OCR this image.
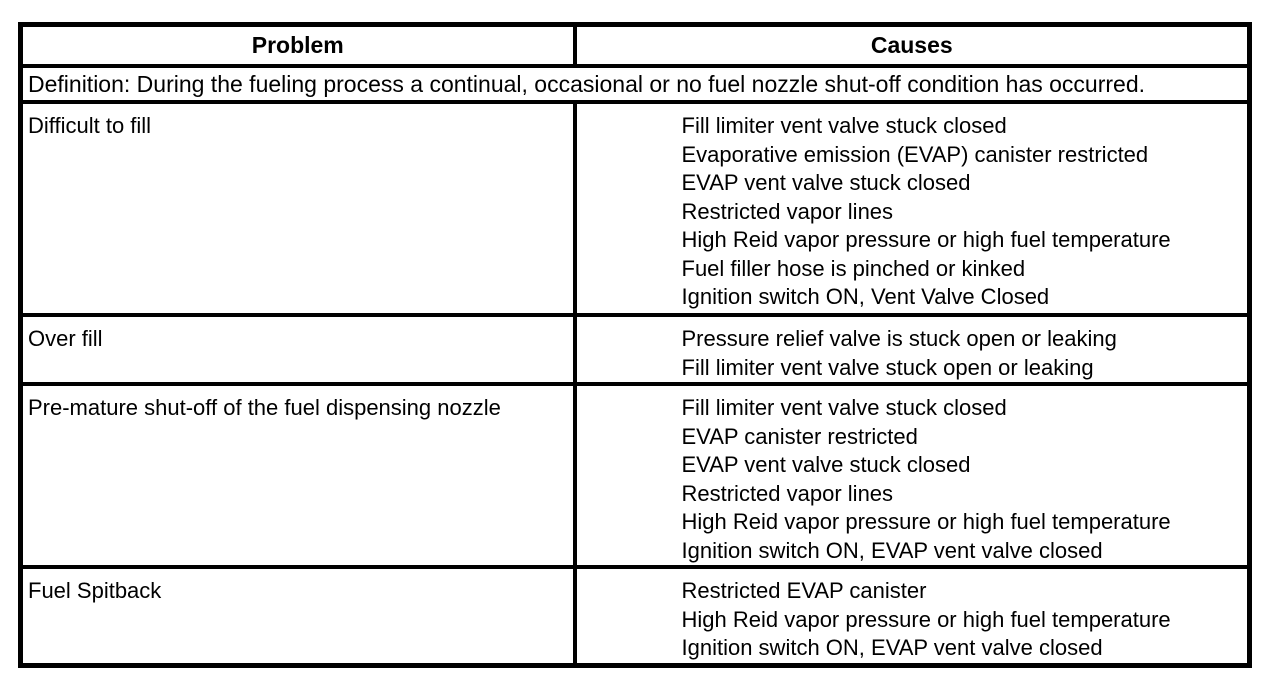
Problem	Causes
Definition: During the fueling process a continual, occasional or no fuel nozzle shut-off condition has occurred.	
Difficult to fill	Fill limiter vent valve stuck closed
Evaporative emission (EVAP) canister restricted
EVAP vent valve stuck closed
Restricted vapor lines
High Reid vapor pressure or high fuel temperature
Fuel filler hose is pinched or kinked
Ignition switch ON, Vent Valve Closed

Over fill	Pressure relief valve is stuck open or leaking
Fill limiter vent valve stuck open or leaking

Pre-mature shut-off of the fuel dispensing nozzle	Fill limiter vent valve stuck closed
EVAP canister restricted
EVAP vent valve stuck closed
Restricted vapor lines
High Reid vapor pressure or high fuel temperature
Ignition switch ON, EVAP vent valve closed

Fuel Spitback	Restricted EVAP canister
High Reid vapor pressure or high fuel temperature
Ignition switch ON, EVAP vent valve closed
